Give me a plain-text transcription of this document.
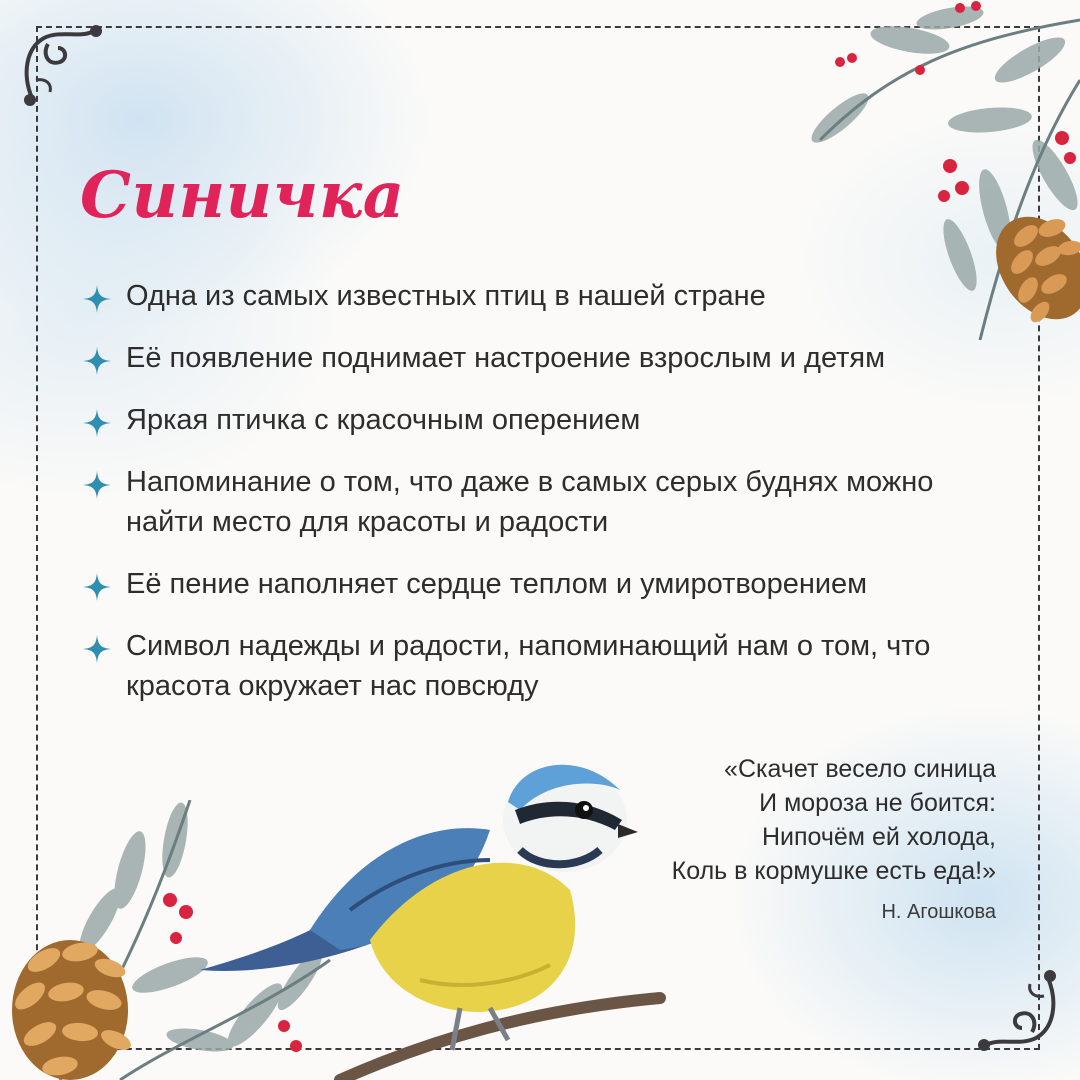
Синичка
Одна из самых известных птиц в нашей стране
Её появление поднимает настроение взрослым и детям
Яркая птичка с красочным оперением
Напоминание о том, что даже в самых серых буднях можно найти место для красоты и радости
Её пение наполняет сердце теплом и умиротворением
Символ надежды и радости, напоминающий нам о том, что красота окружает нас повсюду
«Скачет весело синица
И мороза не боится:
Нипочём ей холода,
Коль в кормушке есть еда!»
Н. Агошкова
